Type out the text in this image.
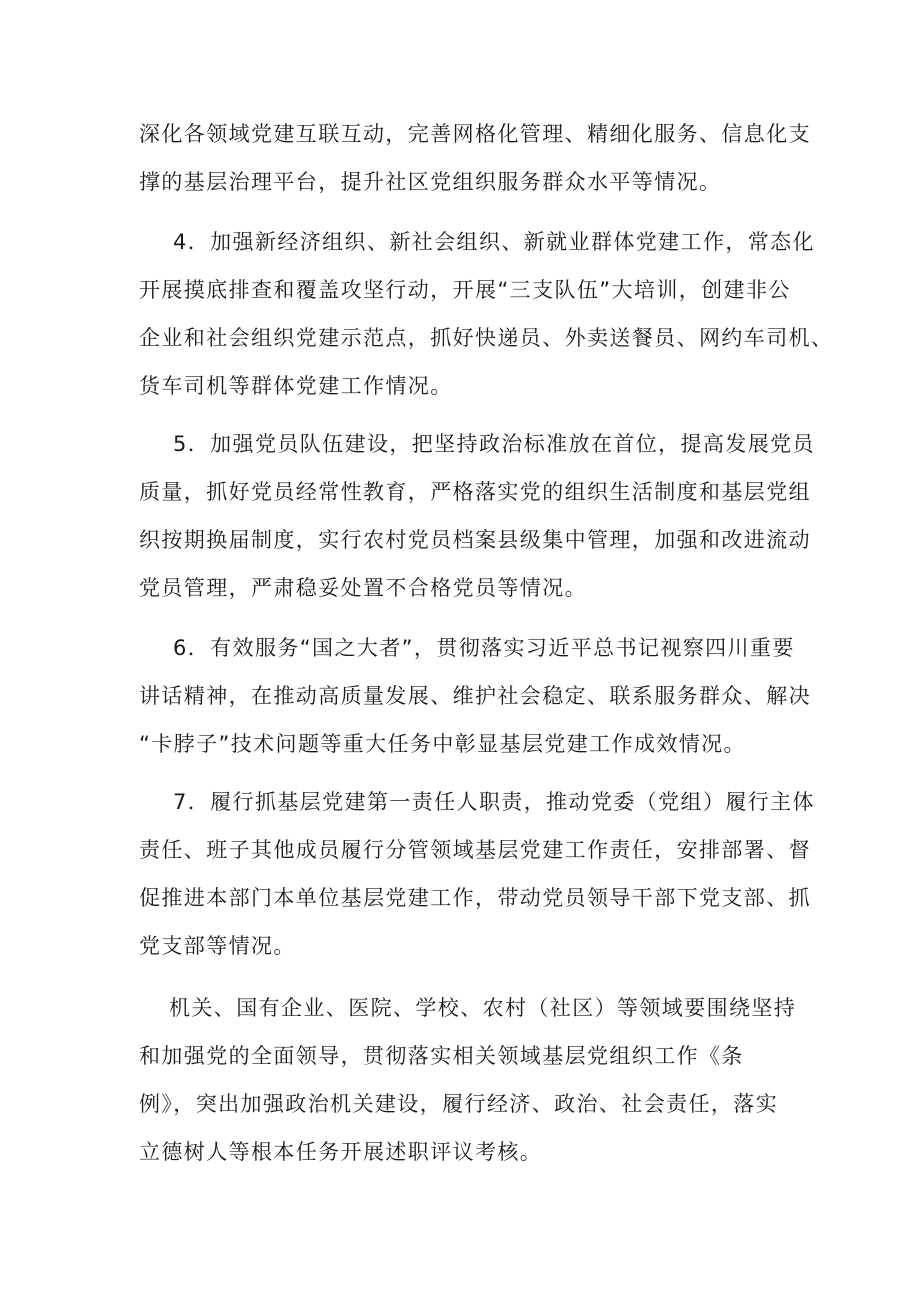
深化各领域党建互联互动，完善网格化管理、精细化服务、信息化支
撑的基层治理平台，提升社区党组织服务群众水平等情况。

4．加强新经济组织、新社会组织、新就业群体党建工作，常态化
开展摸底排查和覆盖攻坚行动，开展“三支队伍”大培训，创建非公
企业和社会组织党建示范点，抓好快递员、外卖送餐员、网约车司机、
货车司机等群体党建工作情况。

5．加强党员队伍建设，把坚持政治标准放在首位，提高发展党员
质量，抓好党员经常性教育，严格落实党的组织生活制度和基层党组
织按期换届制度，实行农村党员档案县级集中管理，加强和改进流动
党员管理，严肃稳妥处置不合格党员等情况。

6．有效服务“国之大者”，贯彻落实习近平总书记视察四川重要
讲话精神，在推动高质量发展、维护社会稳定、联系服务群众、解决
“卡脖子”技术问题等重大任务中彰显基层党建工作成效情况。

7．履行抓基层党建第一责任人职责，推动党委（党组）履行主体
责任、班子其他成员履行分管领域基层党建工作责任，安排部署、督
促推进本部门本单位基层党建工作，带动党员领导干部下党支部、抓
党支部等情况。

机关、国有企业、医院、学校、农村（社区）等领域要围绕坚持
和加强党的全面领导，贯彻落实相关领域基层党组织工作《条
例》，突出加强政治机关建设，履行经济、政治、社会责任，落实
立德树人等根本任务开展述职评议考核。
